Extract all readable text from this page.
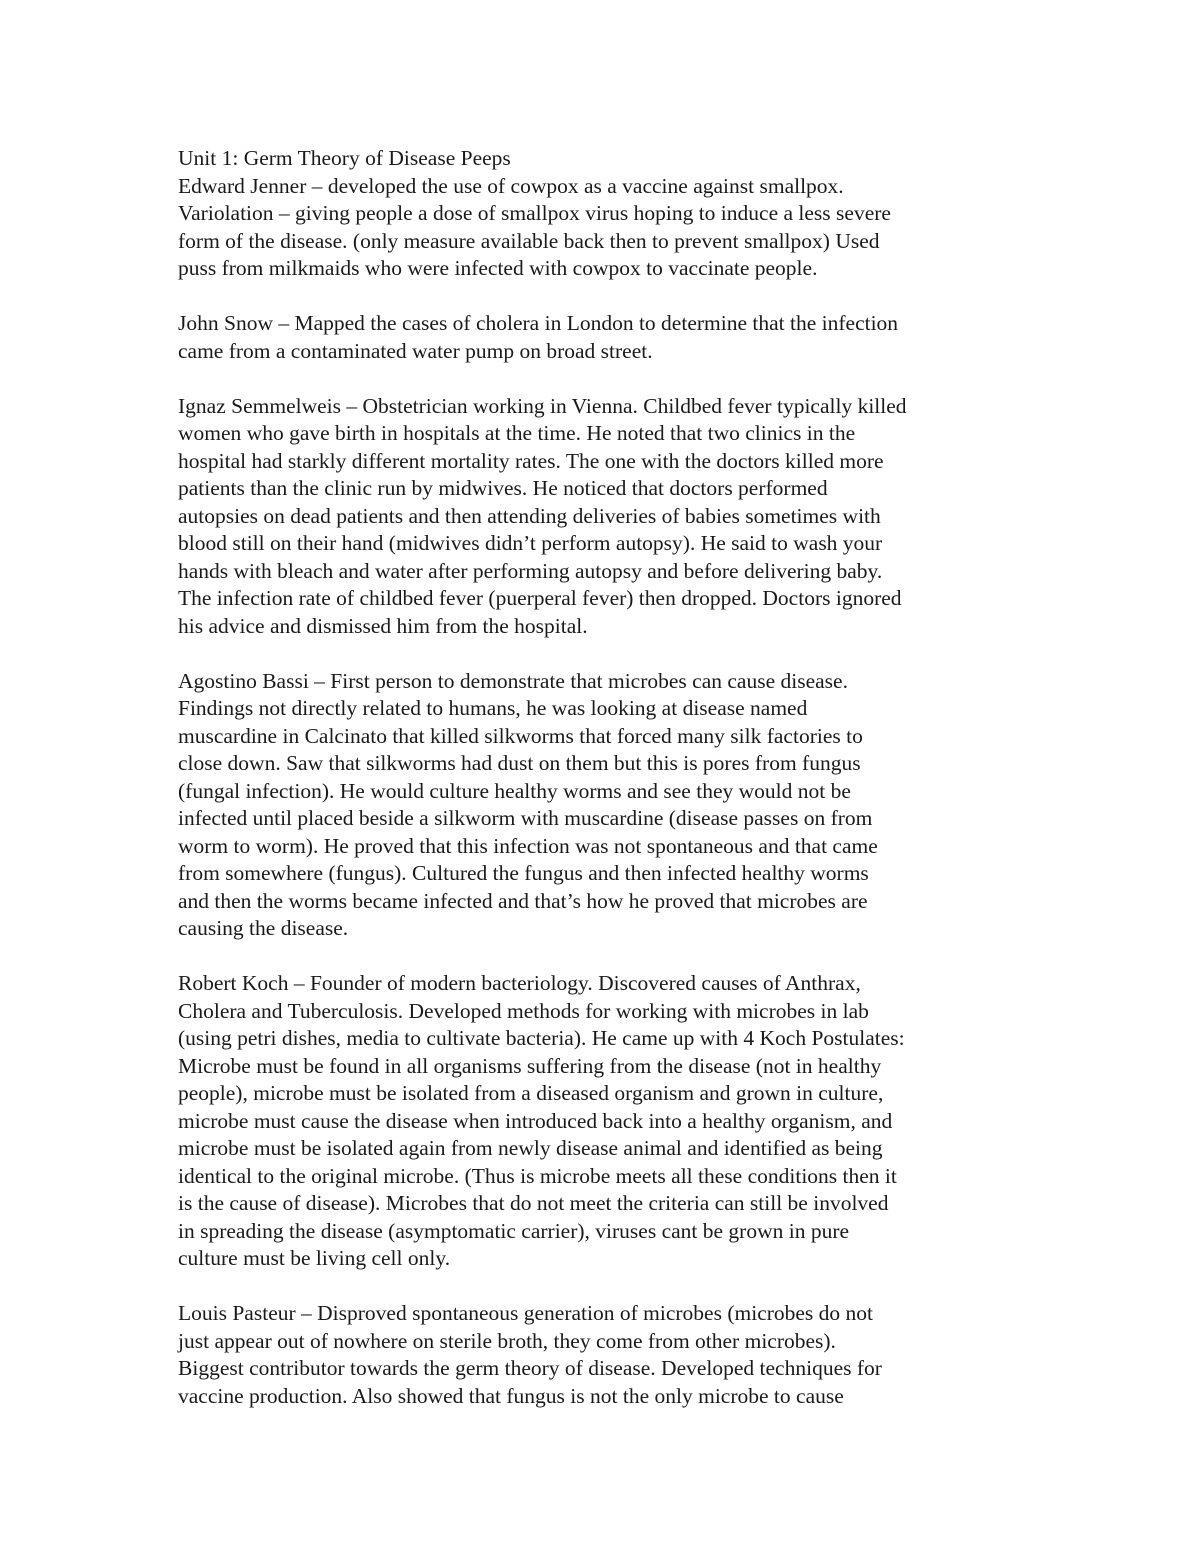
Unit 1: Germ Theory of Disease Peeps
Edward Jenner – developed the use of cowpox as a vaccine against smallpox.
Variolation – giving people a dose of smallpox virus hoping to induce a less severe
form of the disease. (only measure available back then to prevent smallpox) Used
puss from milkmaids who were infected with cowpox to vaccinate people.
John Snow – Mapped the cases of cholera in London to determine that the infection
came from a contaminated water pump on broad street.
Ignaz Semmelweis – Obstetrician working in Vienna. Childbed fever typically killed
women who gave birth in hospitals at the time. He noted that two clinics in the
hospital had starkly different mortality rates. The one with the doctors killed more
patients than the clinic run by midwives. He noticed that doctors performed
autopsies on dead patients and then attending deliveries of babies sometimes with
blood still on their hand (midwives didn’t perform autopsy). He said to wash your
hands with bleach and water after performing autopsy and before delivering baby.
The infection rate of childbed fever (puerperal fever) then dropped. Doctors ignored
his advice and dismissed him from the hospital.
Agostino Bassi – First person to demonstrate that microbes can cause disease.
Findings not directly related to humans, he was looking at disease named
muscardine in Calcinato that killed silkworms that forced many silk factories to
close down. Saw that silkworms had dust on them but this is pores from fungus
(fungal infection). He would culture healthy worms and see they would not be
infected until placed beside a silkworm with muscardine (disease passes on from
worm to worm). He proved that this infection was not spontaneous and that came
from somewhere (fungus). Cultured the fungus and then infected healthy worms
and then the worms became infected and that’s how he proved that microbes are
causing the disease.
Robert Koch – Founder of modern bacteriology. Discovered causes of Anthrax,
Cholera and Tuberculosis. Developed methods for working with microbes in lab
(using petri dishes, media to cultivate bacteria). He came up with 4 Koch Postulates:
Microbe must be found in all organisms suffering from the disease (not in healthy
people), microbe must be isolated from a diseased organism and grown in culture,
microbe must cause the disease when introduced back into a healthy organism, and
microbe must be isolated again from newly disease animal and identified as being
identical to the original microbe. (Thus is microbe meets all these conditions then it
is the cause of disease). Microbes that do not meet the criteria can still be involved
in spreading the disease (asymptomatic carrier), viruses cant be grown in pure
culture must be living cell only.
Louis Pasteur – Disproved spontaneous generation of microbes (microbes do not
just appear out of nowhere on sterile broth, they come from other microbes).
Biggest contributor towards the germ theory of disease. Developed techniques for
vaccine production. Also showed that fungus is not the only microbe to cause
